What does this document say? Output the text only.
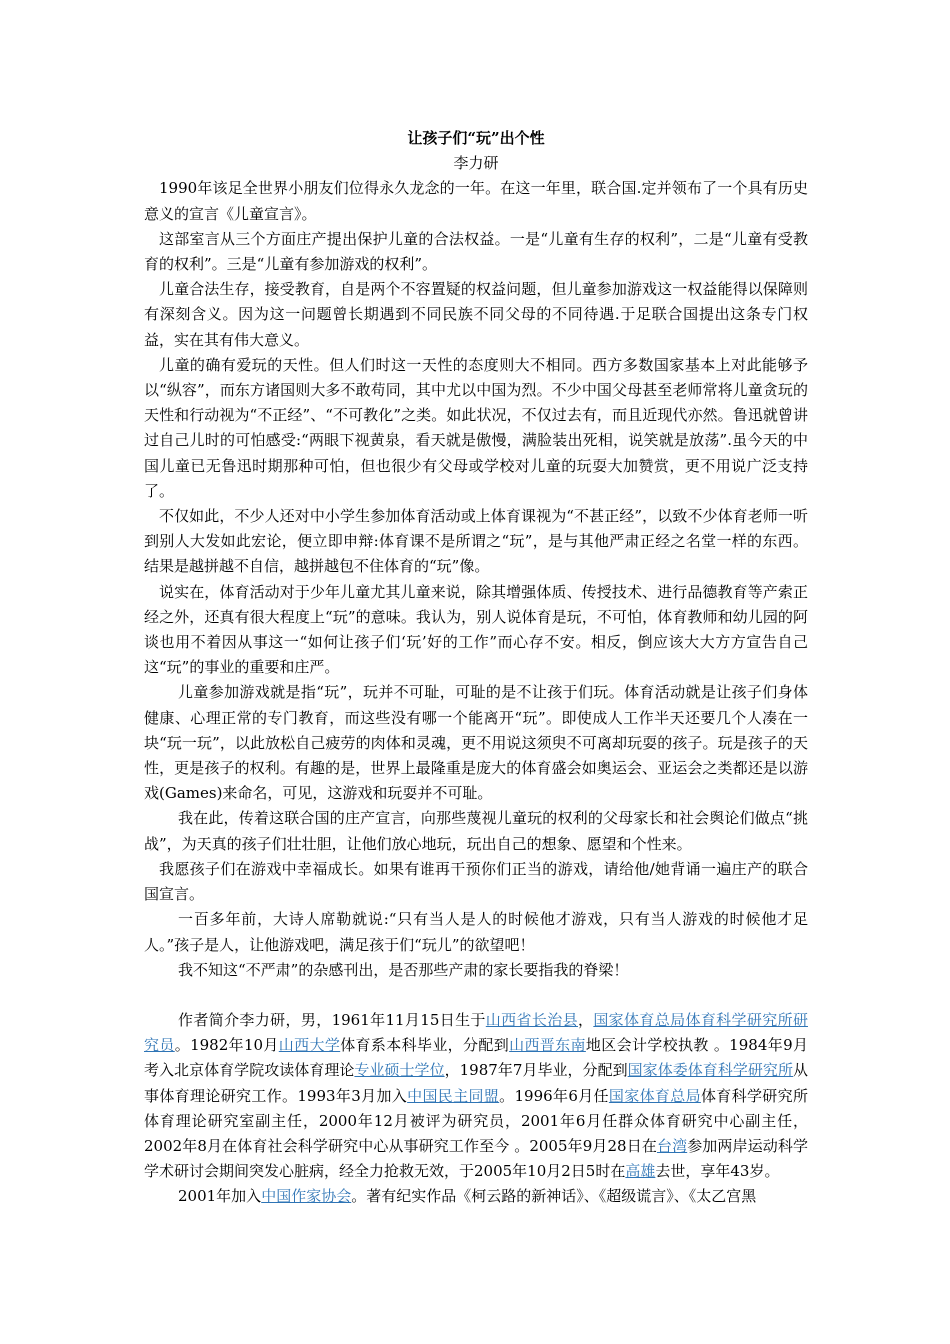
让孩子们“玩”出个性

李力研

1990年该足全世界小朋友们位得永久龙念的一年。在这一年里，联合国.定并领布了一个具有历史意义的宣言《儿童宣言》。

这部室言从三个方面庄产提出保护儿童的合法权益。一是“儿童有生存的权利”，二是“儿童有受教育的权利”。三是“儿童有参加游戏的权利”。

儿童合法生存，接受教育，自是两个不容置疑的权益问题，但儿童参加游戏这一权益能得以保障则有深刻含义。因为这一问题曾长期遇到不同民族不同父母的不同待遇.于足联合国提出这条专门权益，实在其有伟大意义。

儿童的确有爱玩的天性。但人们时这一天性的态度则大不相同。西方多数国家基本上对此能够予以“纵容”，而东方诸国则大多不敢苟同，其中尤以中国为烈。不少中国父母甚至老师常将儿童贪玩的天性和行动视为“不正经”、“不可教化”之类。如此状况，不仅过去有，而且近现代亦然。鲁迅就曾讲过自己儿时的可怕感受:“两眼下视黄泉，看天就是傲慢，满脸装出死相，说笑就是放荡”.虽今天的中国儿童已无鲁迅时期那种可怕，但也很少有父母或学校对儿童的玩耍大加赞赏，更不用说广泛支持了。

不仅如此，不少人还对中小学生参加体育活动或上体育课视为“不甚正经”，以致不少体育老师一听到别人大发如此宏论，便立即申辩:体育课不是所谓之“玩”，是与其他严肃正经之名堂一样的东西。结果是越拼越不自信，越拼越包不住体育的“玩”像。

说实在，体育活动对于少年儿童尤其儿童来说，除其增强体质、传授技术、进行品德教育等产索正经之外，还真有很大程度上“玩”的意味。我认为，别人说体育是玩，不可怕，体育教师和幼儿园的阿谈也用不着因从事这一“如何让孩子们‘玩’好的工作”而心存不安。相反，倒应该大大方方宣告自己这“玩”的事业的重要和庄严。

儿童参加游戏就是指“玩”，玩并不可耻，可耻的是不让孩于们玩。体育活动就是让孩子们身体健康、心理正常的专门教育，而这些没有哪一个能离开“玩”。即使成人工作半天还要几个人凑在一块“玩一玩”，以此放松自己疲劳的肉体和灵魂，更不用说这须臾不可离却玩耍的孩子。玩是孩子的天性，更是孩子的权利。有趣的是，世界上最隆重是庞大的体育盛会如奥运会、亚运会之类都还是以游戏(Games)来命名，可见，这游戏和玩耍并不可耻。

我在此，传着这联合国的庄产宣言，向那些蔑视儿童玩的权利的父母家长和社会舆论们做点“挑战”，为天真的孩子们壮壮胆，让他们放心地玩，玩出自己的想象、愿望和个性来。

我愿孩子们在游戏中幸福成长。如果有谁再干预你们正当的游戏，请给他/她背诵一遍庄产的联合国宣言。

一百多年前，大诗人席勒就说:“只有当人是人的时候他才游戏，只有当人游戏的时候他才足人。”孩子是人，让他游戏吧，满足孩于们“玩儿”的欲望吧！

我不知这“不严肃”的杂感刊出，是否那些产肃的家长要指我的脊梁！

作者简介李力研，男，1961年11月15日生于山西省长治县，国家体育总局体育科学研究所研究员。1982年10月山西大学体育系本科毕业，分配到山西晋东南地区会计学校执教 。1984年9月考入北京体育学院攻读体育理论专业硕士学位，1987年7月毕业，分配到国家体委体育科学研究所从事体育理论研究工作。1993年3月加入中国民主同盟。1996年6月任国家体育总局体育科学研究所体育理论研究室副主任，2000年12月被评为研究员，2001年6月任群众体育研究中心副主任，2002年8月在体育社会科学研究中心从事研究工作至今 。2005年9月28日在台湾参加两岸运动科学学术研讨会期间突发心脏病，经全力抢救无效，于2005年10月2日5时在高雄去世，享年43岁。

2001年加入中国作家协会。著有纪实作品《柯云路的新神话》、《超级谎言》、《太乙宫黑
